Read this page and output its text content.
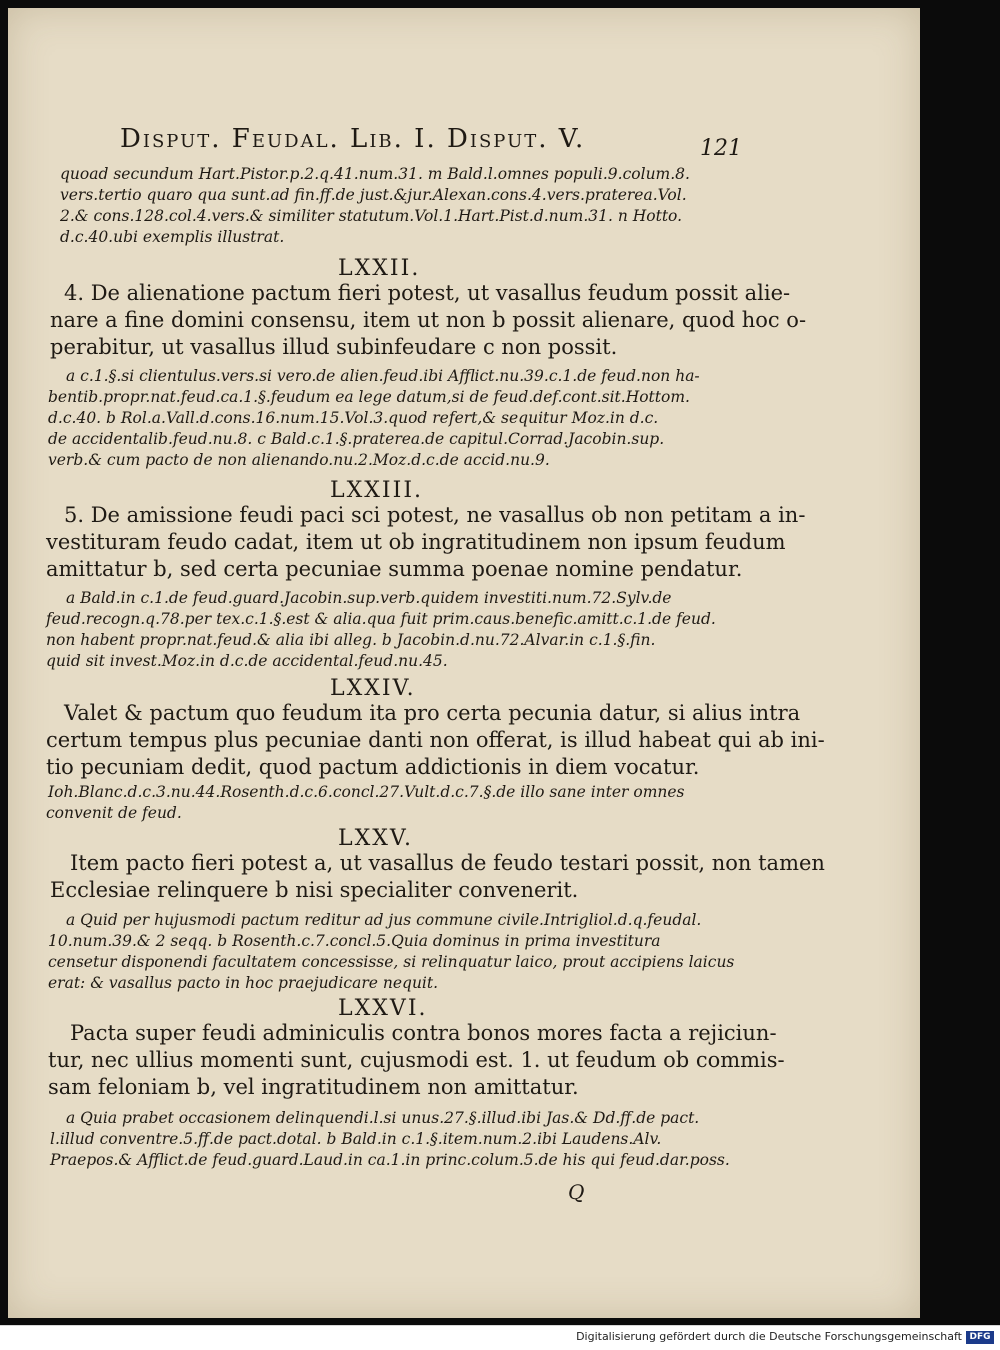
Disput. Feudal. Lib. I. Disput. V.	121
quoad secundum Hart.Pistor.p.2.q.41.num.31. m Bald.l.omnes populi.9.colum.8.
vers.tertio quaro qua sunt.ad fin.ff.de just.&jur.Alexan.cons.4.vers.praterea.Vol.
2.& cons.128.col.4.vers.& similiter statutum.Vol.1.Hart.Pist.d.num.31. n Hotto.
d.c.40.ubi exemplis illustrat.
LXXII.
4. De alienatione pactum fieri potest, ut vasallus feudum possit alie-
nare a fine domini consensu, item ut non b possit alienare, quod hoc o-
perabitur, ut vasallus illud subinfeudare c non possit.
a c.1.§.si clientulus.vers.si vero.de alien.feud.ibi Afflict.nu.39.c.1.de feud.non ha-
bentib.propr.nat.feud.ca.1.§.feudum ea lege datum,si de feud.def.cont.sit.Hottom.
d.c.40. b Rol.a.Vall.d.cons.16.num.15.Vol.3.quod refert,& sequitur Moz.in d.c.
de accidentalib.feud.nu.8. c Bald.c.1.§.praterea.de capitul.Corrad.Jacobin.sup.
verb.& cum pacto de non alienando.nu.2.Moz.d.c.de accid.nu.9.
LXXIII.
5. De amissione feudi paci sci potest, ne vasallus ob non petitam a in-
vestituram feudo cadat, item ut ob ingratitudinem non ipsum feudum
amittatur b, sed certa pecuniae summa poenae nomine pendatur.
a Bald.in c.1.de feud.guard.Jacobin.sup.verb.quidem investiti.num.72.Sylv.de
feud.recogn.q.78.per tex.c.1.§.est & alia.qua fuit prim.caus.benefic.amitt.c.1.de feud.
non habent propr.nat.feud.& alia ibi alleg. b Jacobin.d.nu.72.Alvar.in c.1.§.fin.
quid sit invest.Moz.in d.c.de accidental.feud.nu.45.
LXXIV.
Valet & pactum quo feudum ita pro certa pecunia datur, si alius intra
certum tempus plus pecuniae danti non offerat, is illud habeat qui ab ini-
tio pecuniam dedit, quod pactum addictionis in diem vocatur.
Ioh.Blanc.d.c.3.nu.44.Rosenth.d.c.6.concl.27.Vult.d.c.7.§.de illo sane inter omnes
convenit de feud.
LXXV.
Item pacto fieri potest a, ut vasallus de feudo testari possit, non tamen
Ecclesiae relinquere b nisi specialiter convenerit.
a Quid per hujusmodi pactum reditur ad jus commune civile.Intrigliol.d.q.feudal.
10.num.39.& 2 seqq. b Rosenth.c.7.concl.5.Quia dominus in prima investitura
censetur disponendi facultatem concessisse, si relinquatur laico, prout accipiens laicus
erat: & vasallus pacto in hoc praejudicare nequit.
LXXVI.
Pacta super feudi adminiculis contra bonos mores facta a rejiciun-
tur, nec ullius momenti sunt, cujusmodi est. 1. ut feudum ob commis-
sam feloniam b, vel ingratitudinem non amittatur.
a Quia prabet occasionem delinquendi.l.si unus.27.§.illud.ibi Jas.& Dd.ff.de pact.
l.illud conventre.5.ff.de pact.dotal. b Bald.in c.1.§.item.num.2.ibi Laudens.Alv.
Praepos.& Afflict.de feud.guard.Laud.in ca.1.in princ.colum.5.de his qui feud.dar.poss.
Q
Digitalisierung gefördert durch die Deutsche Forschungsgemeinschaft DFG
